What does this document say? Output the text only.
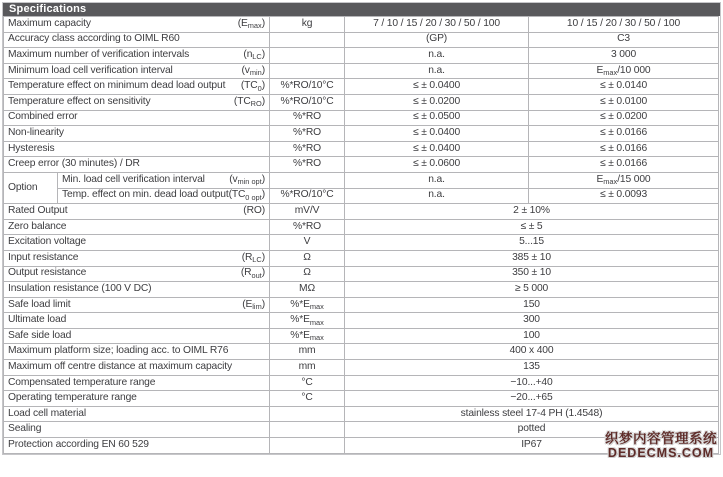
Specifications
Maximum capacity $(E_{max})$		kg	7 / 10 / 15 / 20 / 30 / 50 / 100	10 / 15 / 20 / 30 / 50 / 100

Accuracy class according to OIML R60			(GP)	C3

Maximum number of verification intervals $(n_{LC})$			n.a.	3 000

Minimum load cell verification interval $(v_{min})$			n.a.	$E_{max}/10$ 000

Temperature effect on minimum dead load output $(TC_0)$		%*RO/10°C	≤ ± 0.0400	≤ ± 0.0140

Temperature effect on sensitivity $(TC_{RO})$		%*RO/10°C	≤ ± 0.0200	≤ ± 0.0100

Combined error		%*RO	≤ ± 0.0500	≤ ± 0.0200

Non-linearity		%*RO	≤ ± 0.0400	≤ ± 0.0166

Hysteresis		%*RO	≤ ± 0.0400	≤ ± 0.0166

Creep error (30 minutes) / DR		%*RO	≤ ± 0.0600	≤ ± 0.0166
Option	Min. load cell verification interval $(v_{min opt})$		n.a.	$E_{max}/15$ 000

	Temp. effect on min. dead load output $(TC_{0 opt})$	%*RO/10°C	n.a.	≤ ± 0.0093

Rated Output (RO)		mV/V	2 ± 10%	

Zero balance		%*RO	≤ ± 5	

Excitation voltage		V	5...15	

Input resistance $(R_{LC})$		Ω	385 ± 10	

Output resistance $(R_{out})$		Ω	350 ± 10	

Insulation resistance (100 V DC)		MΩ	≥ 5 000	

Safe load limit $(E_{lim})$		$\%*E_{max}$	150	

Ultimate load		$\%*E_{max}$	300	

Safe side load		$\%*E_{max}$	100	

Maximum platform size; loading acc. to OIML R76		mm	400 x 400	

Maximum off centre distance at maximum capacity		mm	135	

Compensated temperature range		°C	−10...+40	

Operating temperature range		°C	−20...+65	

Load cell material			stainless steel 17-4 PH (1.4548)	

Sealing			potted	

Protection according EN 60 529			IP67		织梦内容管理系统
DEDECMS.COM
